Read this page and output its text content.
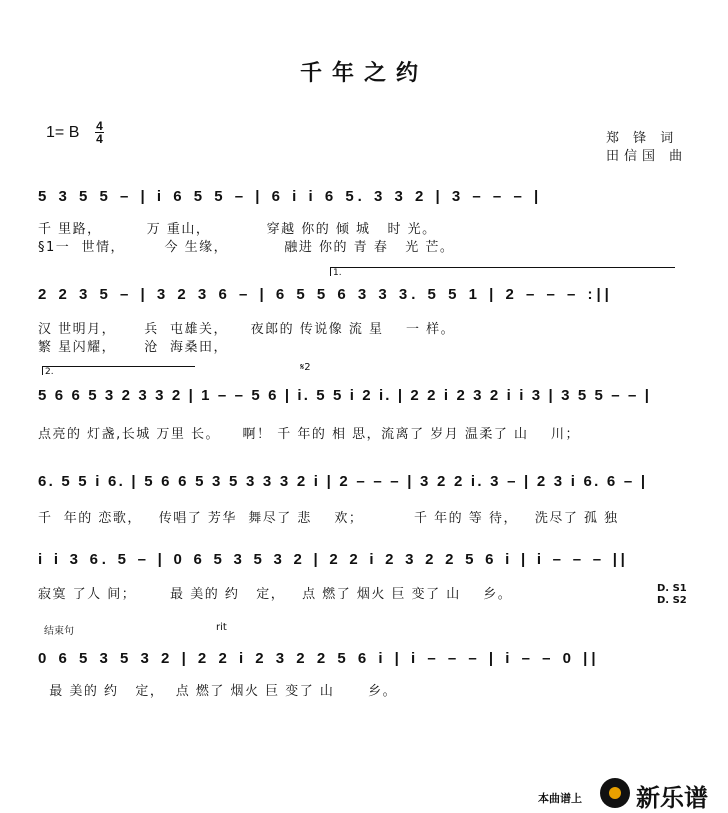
千年之约
1= B 4
4	郑 锋 词
田信国 曲
5 3 5 5 – | i 6 5 5 – | 6 i i 6 5. 3 3 2 | 3 – – – |
千 里路，        万 重山，          穿越 你的 倾 城   时 光。
§1一  世情，       今 生缘，          融进 你的 青 春   光 芒。
1.
2 2 3 5 – | 3 2 3 6 – | 6 5 5 6 3 3 3. 5 5 1 | 2 – – – :||
汉 世明月，     兵  屯雄关，    夜郎的 传说像 流 星    一 样。
繁 星闪耀，     沧  海桑田，
2.	𝄋2
5 6 6 5 3 2 3 3 2 | 1 – – 5 6 | i. 5 5 i 2 i. | 2 2 i 2 3 2 i i 3 | 3 5 5 – – |
点亮的 灯盏,长城 万里 长。    啊！ 千 年的 相 思，流离了 岁月 温柔了 山    川；
6. 5 5 i 6. | 5 6 6 5 3 5 3 3 3 2 i | 2 – – – | 3 2 2 i. 3 – | 2 3 i 6. 6 – |
千  年的 恋歌，   传唱了 芳华  舞尽了 悲    欢；         千 年的 等 待，   洗尽了 孤 独
i i 3 6. 5 – | 0 6 5 3 5 3 2 | 2 2 i 2 3 2 2 5 6 i | i – – – ||
寂寞 了人 间；      最 美的 约   定，   点 燃了 烟火 巨 变了 山    乡。	D. S1
D. S2
结束句	rit
0 6 5 3 5 3 2 | 2 2 i 2 3 2 2 5 6 i | i – – – | i – – 0 ||
最 美的 约   定，  点 燃了 烟火 巨 变了 山      乡。
本曲谱上 新乐谱
